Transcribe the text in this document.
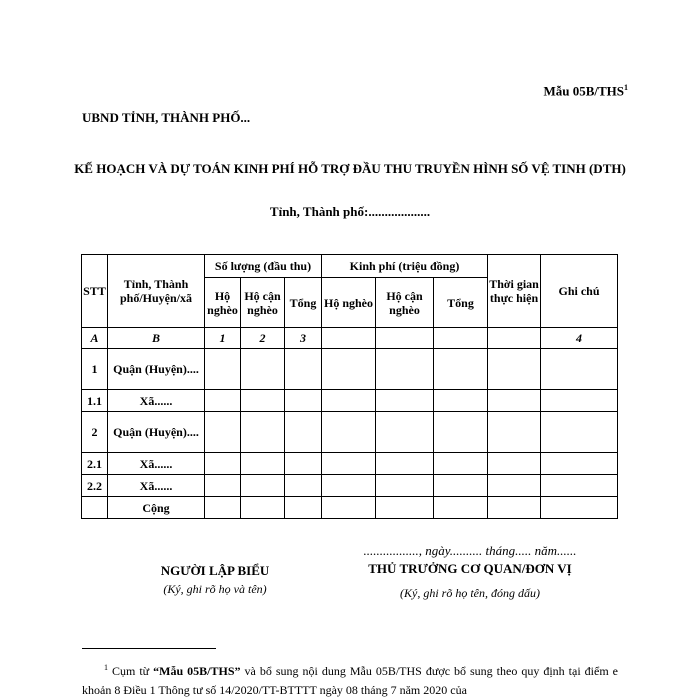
Mẫu 05B/THS$^1$
UBND TỈNH, THÀNH PHỐ...
KẾ HOẠCH VÀ DỰ TOÁN KINH PHÍ HỖ TRỢ ĐẦU THU TRUYỀN HÌNH SỐ VỆ TINH (DTH)
Tỉnh, Thành phố:...................
STT	Tỉnh, Thành phố/Huyện/xã	Số lượng (đầu thu)			Kinh phí (triệu đồng)			Thời gian thực hiện	Ghi chú
		Hộ nghèo	Hộ cận nghèo	Tổng	Hộ nghèo	Hộ cận nghèo	Tổng		
A	B	1	2	3					4
1	Quận (Huyện)....								
1.1	Xã......								
2	Quận (Huyện)....								
2.1	Xã......								
2.2	Xã......								
	Cộng								
NGƯỜI LẬP BIỂU
(Ký, ghi rõ họ và tên)
................., ngày.......... tháng..... năm......
THỦ TRƯỞNG CƠ QUAN/ĐƠN VỊ
(Ký, ghi rõ họ tên, đóng dấu)
$^1$ Cụm từ “Mẫu 05B/THS” và bổ sung nội dung Mẫu 05B/THS được bổ sung theo quy định tại điểm e khoản 8 Điều 1 Thông tư số 14/2020/TT-BTTTT ngày 08 tháng 7 năm 2020 của
